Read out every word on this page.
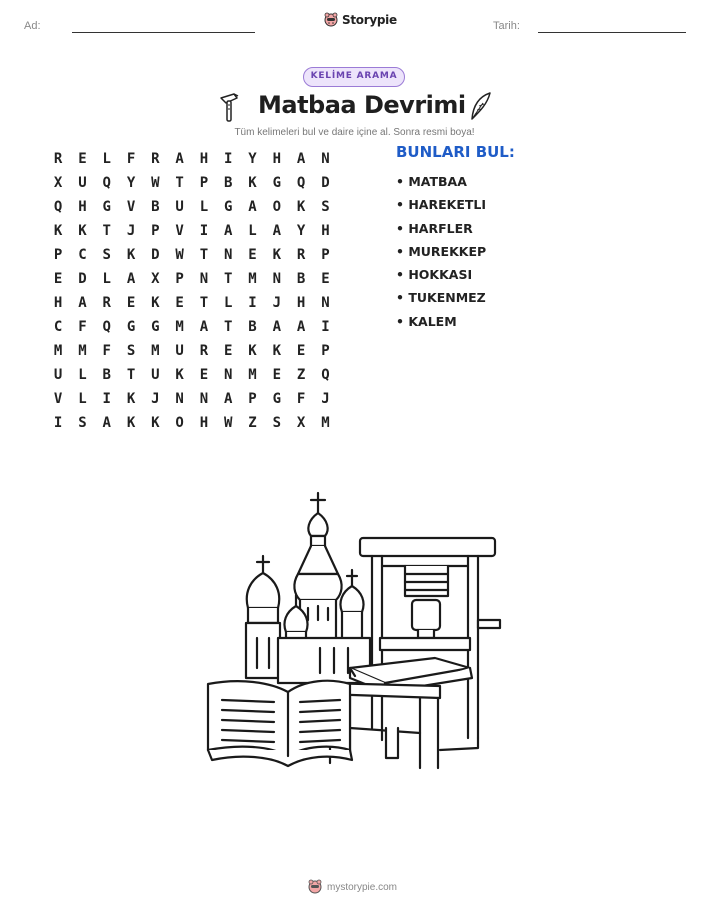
Ad:	Storypie	Tarih:
KELİME ARAMA
Matbaa Devrimi
Tüm kelimeleri bul ve daire içine al. Sonra resmi boya!
R	E	L	F	R	A	H	I	Y	H	A	N
X	U	Q	Y	W	T	P	B	K	G	Q	D
Q	H	G	V	B	U	L	G	A	O	K	S
K	K	T	J	P	V	I	A	L	A	Y	H
P	C	S	K	D	W	T	N	E	K	R	P
E	D	L	A	X	P	N	T	M	N	B	E
H	A	R	E	K	E	T	L	I	J	H	N
C	F	Q	G	G	M	A	T	B	A	A	I
M	M	F	S	M	U	R	E	K	K	E	P
U	L	B	T	U	K	E	N	M	E	Z	Q
V	L	I	K	J	N	N	A	P	G	F	J
I	S	A	K	K	O	H	W	Z	S	X	M
BUNLARI BUL:
• MATBAA
• HAREKETLI
• HARFLER
• MUREKKEP
• HOKKASI
• TUKENMEZ
• KALEM
mystorypie.com
